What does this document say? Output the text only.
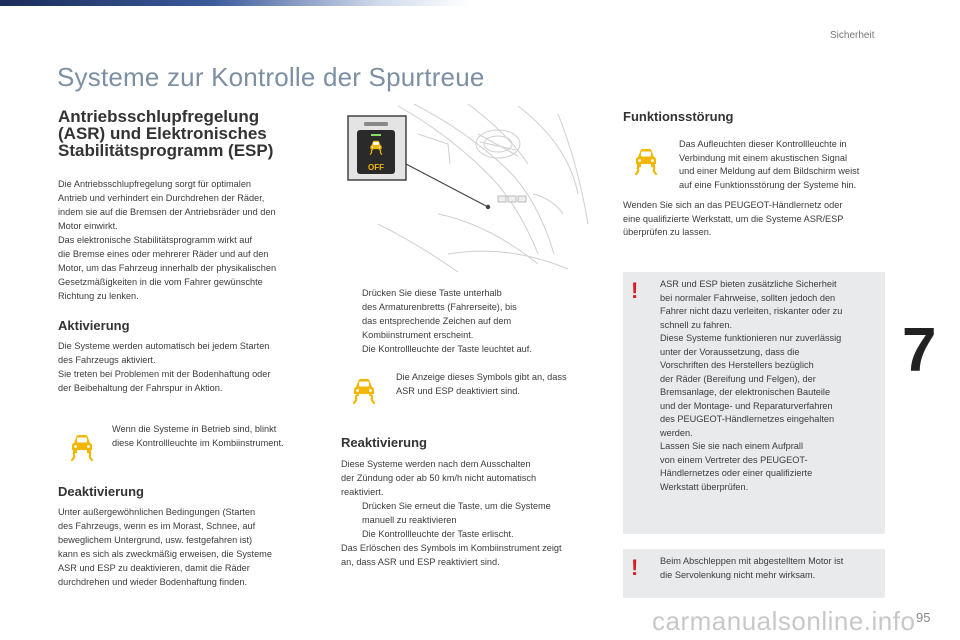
Sicherheit
Systeme zur Kontrolle der Spurtreue
Antriebsschlupfregelung
(ASR) und Elektronisches
Stabilitätsprogramm (ESP)
Die Antriebsschlupfregelung sorgt für optimalen
Antrieb und verhindert ein Durchdrehen der Räder,
indem sie auf die Bremsen der Antriebsräder und den
Motor einwirkt.
Das elektronische Stabilitätsprogramm wirkt auf
die Bremse eines oder mehrerer Räder und auf den
Motor, um das Fahrzeug innerhalb der physikalischen
Gesetzmäßigkeiten in die vom Fahrer gewünschte
Richtung zu lenken.
Aktivierung
Die Systeme werden automatisch bei jedem Starten
des Fahrzeugs aktiviert.
Sie treten bei Problemen mit der Bodenhaftung oder
der Beibehaltung der Fahrspur in Aktion.
Wenn die Systeme in Betrieb sind, blinkt
diese Kontrollleuchte im Kombiinstrument.
Deaktivierung
Unter außergewöhnlichen Bedingungen (Starten
des Fahrzeugs, wenn es im Morast, Schnee, auf
beweglichem Untergrund, usw. festgefahren ist)
kann es sich als zweckmäßig erweisen, die Systeme
ASR und ESP zu deaktivieren, damit die Räder
durchdrehen und wieder Bodenhaftung finden.
OFF
Drücken Sie diese Taste unterhalb
des Armaturenbretts (Fahrerseite), bis
das entsprechende Zeichen auf dem
Kombiinstrument erscheint.
Die Kontrollleuchte der Taste leuchtet auf.
Die Anzeige dieses Symbols gibt an, dass
ASR und ESP deaktiviert sind.
Reaktivierung
Diese Systeme werden nach dem Ausschalten
der Zündung oder ab 50 km/h nicht automatisch
reaktiviert.
Drücken Sie erneut die Taste, um die Systeme
manuell zu reaktivieren
Die Kontrollleuchte der Taste erlischt.
Das Erlöschen des Symbols im Kombiinstrument zeigt
an, dass ASR und ESP reaktiviert sind.
Funktionsstörung
Das Aufleuchten dieser Kontrollleuchte in
Verbindung mit einem akustischen Signal
und einer Meldung auf dem Bildschirm weist
auf eine Funktionsstörung der Systeme hin.
Wenden Sie sich an das PEUGEOT-Händlernetz oder
eine qualifizierte Werkstatt, um die Systeme ASR/ESP
überprüfen zu lassen.
! ASR und ESP bieten zusätzliche Sicherheit
bei normaler Fahrweise, sollten jedoch den
Fahrer nicht dazu verleiten, riskanter oder zu
schnell zu fahren.
Diese Systeme funktionieren nur zuverlässig
unter der Voraussetzung, dass die
Vorschriften des Herstellers bezüglich
der Räder (Bereifung und Felgen), der
Bremsanlage, der elektronischen Bauteile
und der Montage- und Reparaturverfahren
des PEUGEOT-Händlernetzes eingehalten
werden.
Lassen Sie sie nach einem Aufprall
von einem Vertreter des PEUGEOT-
Händlernetzes oder einer qualifizierte
Werkstatt überprüfen.
! Beim Abschleppen mit abgestelltem Motor ist
die Servolenkung nicht mehr wirksam.
7
carmanualsonline.info 95
